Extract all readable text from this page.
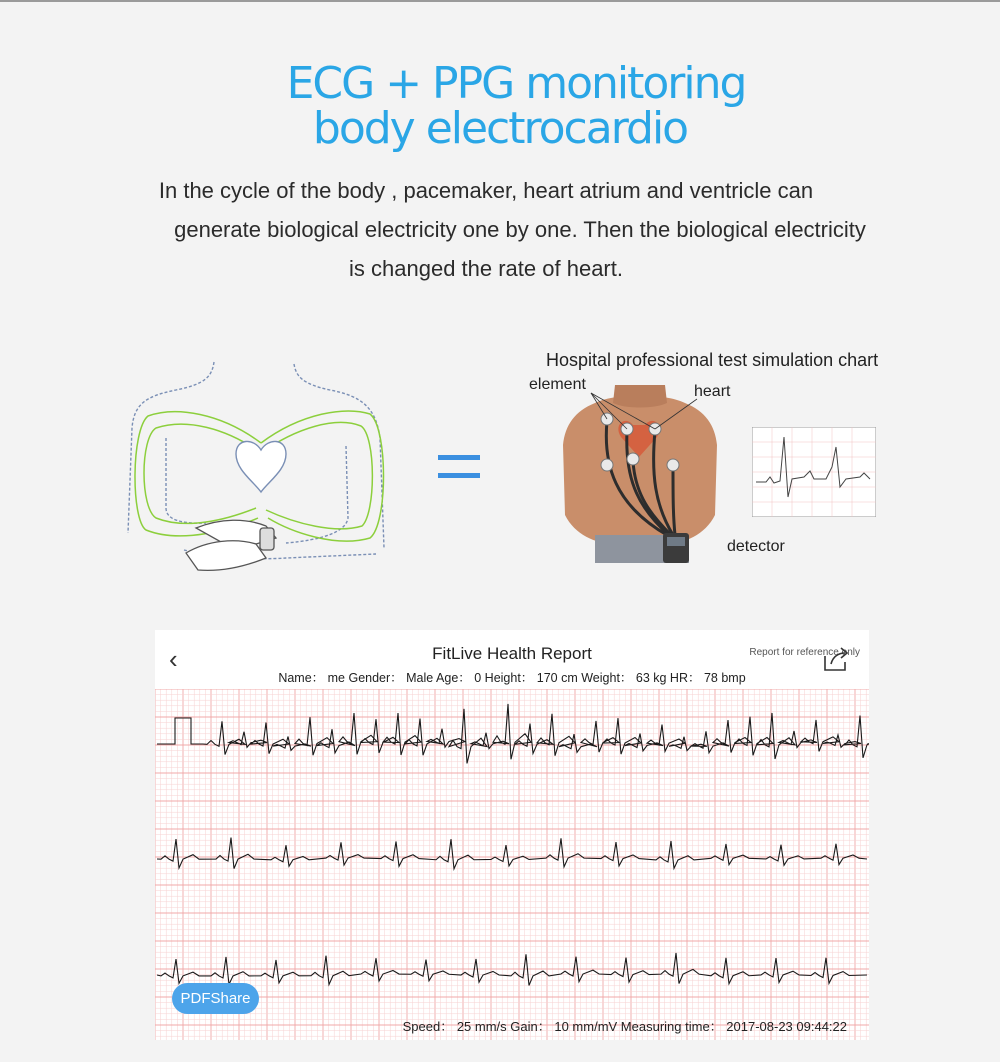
ECG + PPG monitoring
body electrocardio
In the cycle of the body , pacemaker, heart atrium and ventricle can
generate biological electricity one by one. Then the biological electricity
is changed the rate of heart.
Hospital professional test simulation chart
element	heart
detector
‹	FitLive Health Report	Report for reference only
Name： me Gender： Male Age： 0 Height： 170 cm Weight： 63 kg HR： 78 bmp
PDFShare
Speed： 25 mm/s Gain： 10 mm/mV Measuring time： 2017-08-23 09:44:22
